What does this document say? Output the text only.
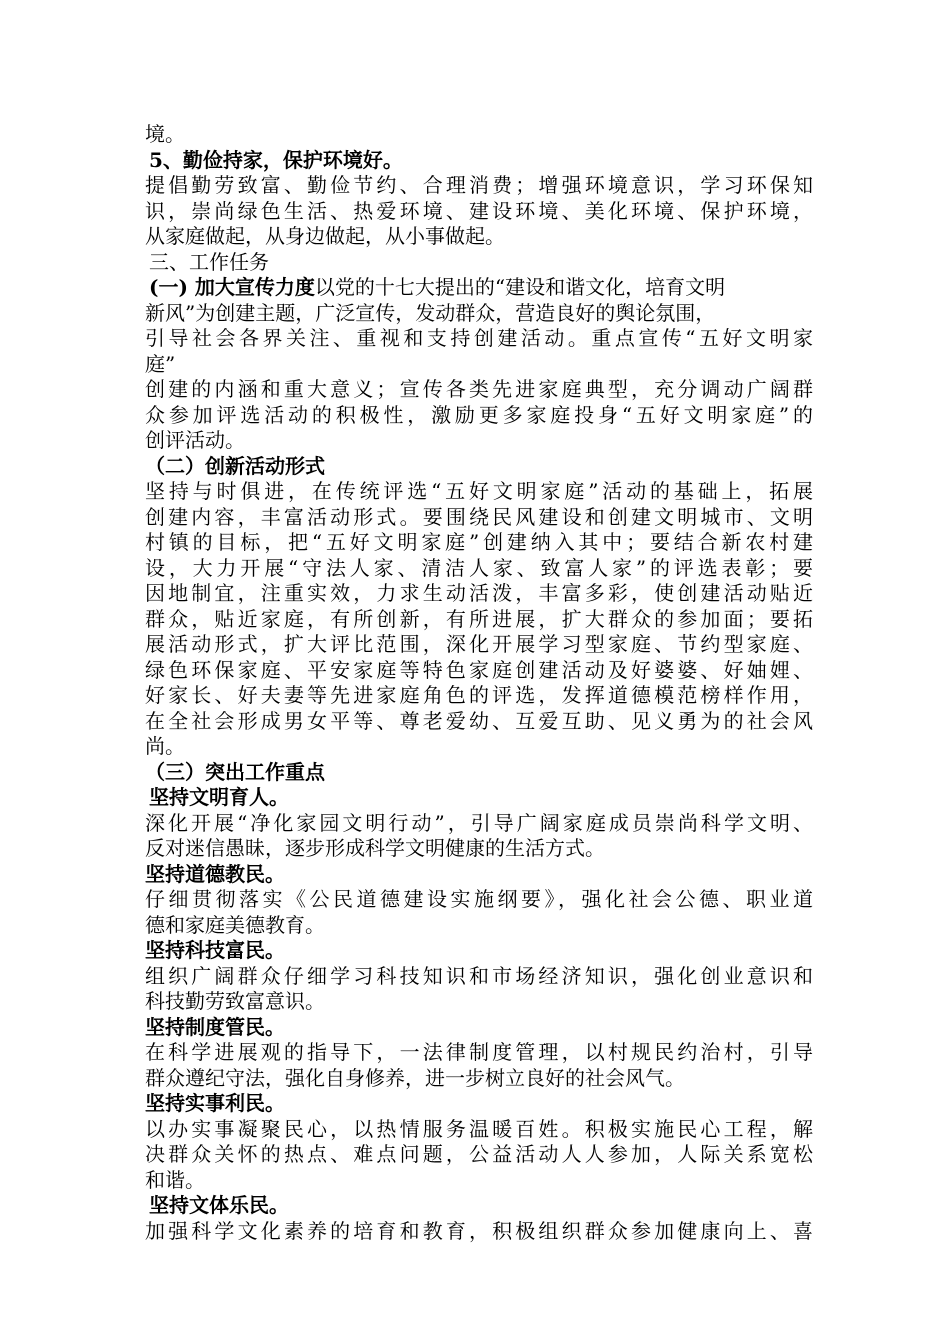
境。
5、勤俭持家，保护环境好。
提倡勤劳致富、勤俭节约、合理消费；增强环境意识，学习环保知
识，崇尚绿色生活、热爱环境、建设环境、美化环境、保护环境，
从家庭做起，从身边做起，从小事做起。
三、工作任务
(一) 加大宣传力度以党的十七大提出的“建设和谐文化，培育文明
新风”为创建主题，广泛宣传，发动群众，营造良好的舆论氛围，
引导社会各界关注、重视和支持创建活动。重点宣传“五好文明家
庭”
创建的内涵和重大意义；宣传各类先进家庭典型，充分调动广阔群
众参加评选活动的积极性，激励更多家庭投身“五好文明家庭”的
创评活动。
（二）创新活动形式
坚持与时俱进，在传统评选“五好文明家庭”活动的基础上，拓展
创建内容，丰富活动形式。要围绕民风建设和创建文明城市、文明
村镇的目标，把“五好文明家庭”创建纳入其中；要结合新农村建
设，大力开展“守法人家、清洁人家、致富人家”的评选表彰；要
因地制宜，注重实效，力求生动活泼，丰富多彩，使创建活动贴近
群众，贴近家庭，有所创新，有所进展，扩大群众的参加面；要拓
展活动形式，扩大评比范围，深化开展学习型家庭、节约型家庭、
绿色环保家庭、平安家庭等特色家庭创建活动及好婆婆、好妯娌、
好家长、好夫妻等先进家庭角色的评选，发挥道德模范榜样作用，
在全社会形成男女平等、尊老爱幼、互爱互助、见义勇为的社会风
尚。
（三）突出工作重点
坚持文明育人。
深化开展“净化家园文明行动”，引导广阔家庭成员崇尚科学文明、
反对迷信愚昧，逐步形成科学文明健康的生活方式。
坚持道德教民。
仔细贯彻落实《公民道德建设实施纲要》，强化社会公德、职业道
德和家庭美德教育。
坚持科技富民。
组织广阔群众仔细学习科技知识和市场经济知识，强化创业意识和
科技勤劳致富意识。
坚持制度管民。
在科学进展观的指导下，一法律制度管理，以村规民约治村，引导
群众遵纪守法，强化自身修养，进一步树立良好的社会风气。
坚持实事利民。
以办实事凝聚民心，以热情服务温暖百姓。积极实施民心工程，解
决群众关怀的热点、难点问题，公益活动人人参加，人际关系宽松
和谐。
坚持文体乐民。
加强科学文化素养的培育和教育，积极组织群众参加健康向上、喜
